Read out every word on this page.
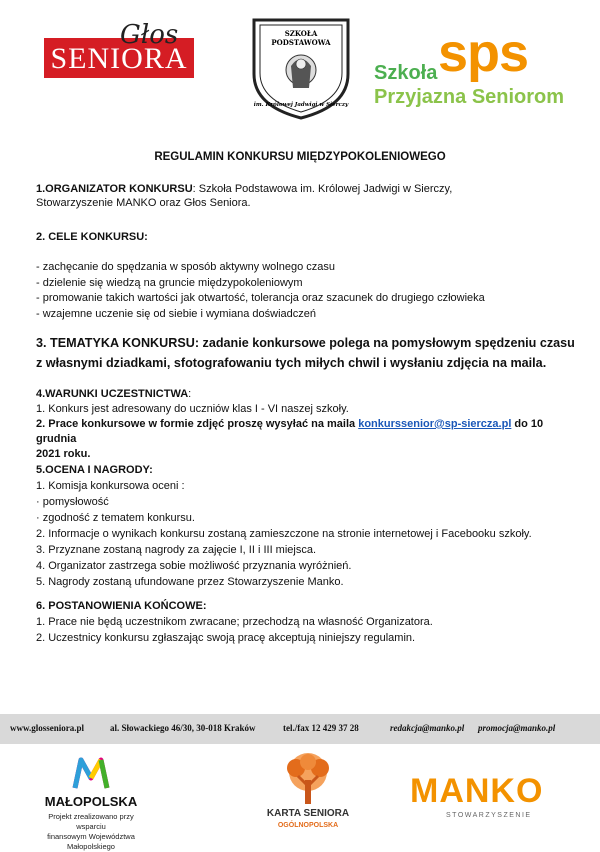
Głos
SENIORA
SZKOŁA
PODSTAWOWA
im. Królowej Jadwigi w Sierczy
sps
Szkoła
Przyjazna Seniorom
REGULAMIN KONKURSU MIĘDZYPOKOLENIOWEGO
1.ORGANIZATOR KONKURSU: Szkoła Podstawowa im. Królowej Jadwigi w Sierczy,
Stowarzyszenie MANKO oraz Głos Seniora.
2. CELE KONKURSU:
- zachęcanie do spędzania w sposób aktywny wolnego czasu
- dzielenie się wiedzą na gruncie międzypokoleniowym
- promowanie takich wartości jak otwartość, tolerancja oraz szacunek do drugiego człowieka
- wzajemne uczenie się od siebie i wymiana doświadczeń
3. TEMATYKA KONKURSU: zadanie konkursowe polega na pomysłowym spędzeniu czasu
z własnymi dziadkami, sfotografowaniu tych miłych chwil i wysłaniu zdjęcia na maila.
4.WARUNKI UCZESTNICTWA:
1. Konkurs jest adresowany do uczniów klas I - VI naszej szkoły.
2. Prace konkursowe w formie zdjęć proszę wysyłać na maila konkurssenior@sp-siercza.pl do 10 grudnia
2021 roku.
5.OCENA I NAGRODY:
1. Komisja konkursowa oceni :
· pomysłowość
· zgodność z tematem konkursu.
2. Informacje o wynikach konkursu zostaną zamieszczone na stronie internetowej i Facebooku szkoły.
3. Przyznane zostaną nagrody za zajęcie I, II i III miejsca.
4. Organizator zastrzega sobie możliwość przyznania wyróżnień.
5. Nagrody zostaną ufundowane przez Stowarzyszenie Manko.
6. POSTANOWIENIA KOŃCOWE:
1. Prace nie będą uczestnikom zwracane; przechodzą na własność Organizatora.
2. Uczestnicy konkursu zgłaszając swoją pracę akceptują niniejszy regulamin.
www.glosseniora.pl	al. Słowackiego 46/30, 30-018 Kraków	tel./fax 12 429 37 28	redakcja@manko.pl promocja@manko.pl
MAŁOPOLSKA
Projekt zrealizowano przy wsparciu
finansowym Województwa
Małopolskiego
KARTA SENIORA
OGÓLNOPOLSKA
MANKO
STOWARZYSZENIE
